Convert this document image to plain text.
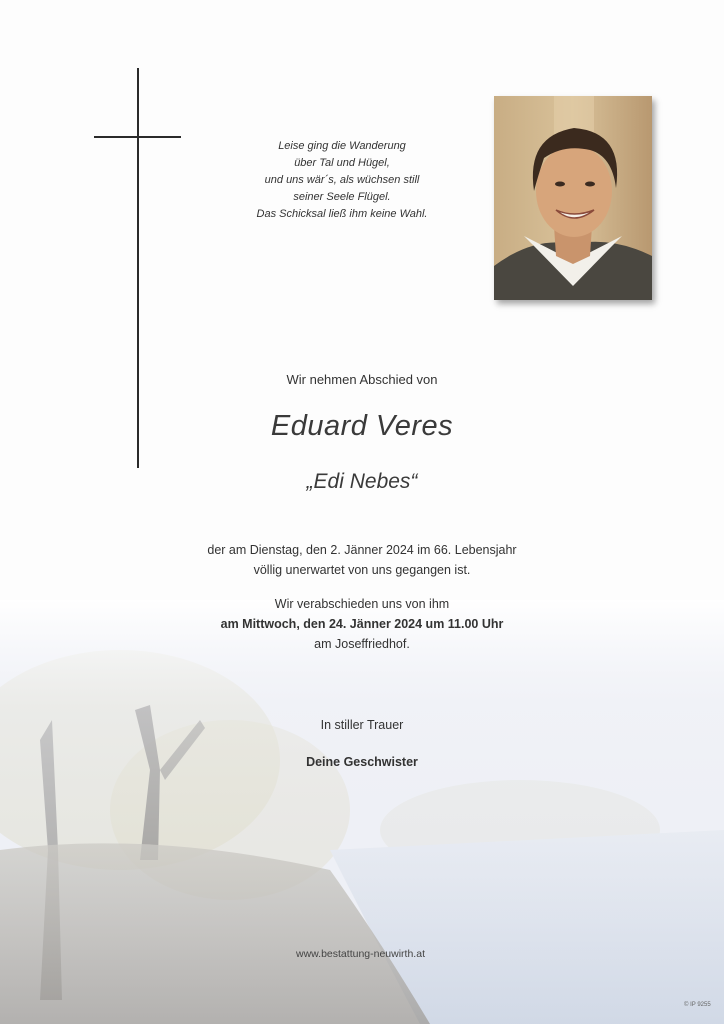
Leise ging die Wanderung
über Tal und Hügel,
und uns wär´s, als wüchsen still
seiner Seele Flügel.
Das Schicksal ließ ihm keine Wahl.
Wir nehmen Abschied von
Eduard Veres
„Edi Nebes“
der am Dienstag, den 2. Jänner 2024 im 66. Lebensjahr
völlig unerwartet von uns gegangen ist.
Wir verabschieden uns von ihm
am Mittwoch, den 24. Jänner 2024 um 11.00 Uhr
am Joseffriedhof.
In stiller Trauer
Deine Geschwister
www.bestattung-neuwirth.at
© IP 9255
